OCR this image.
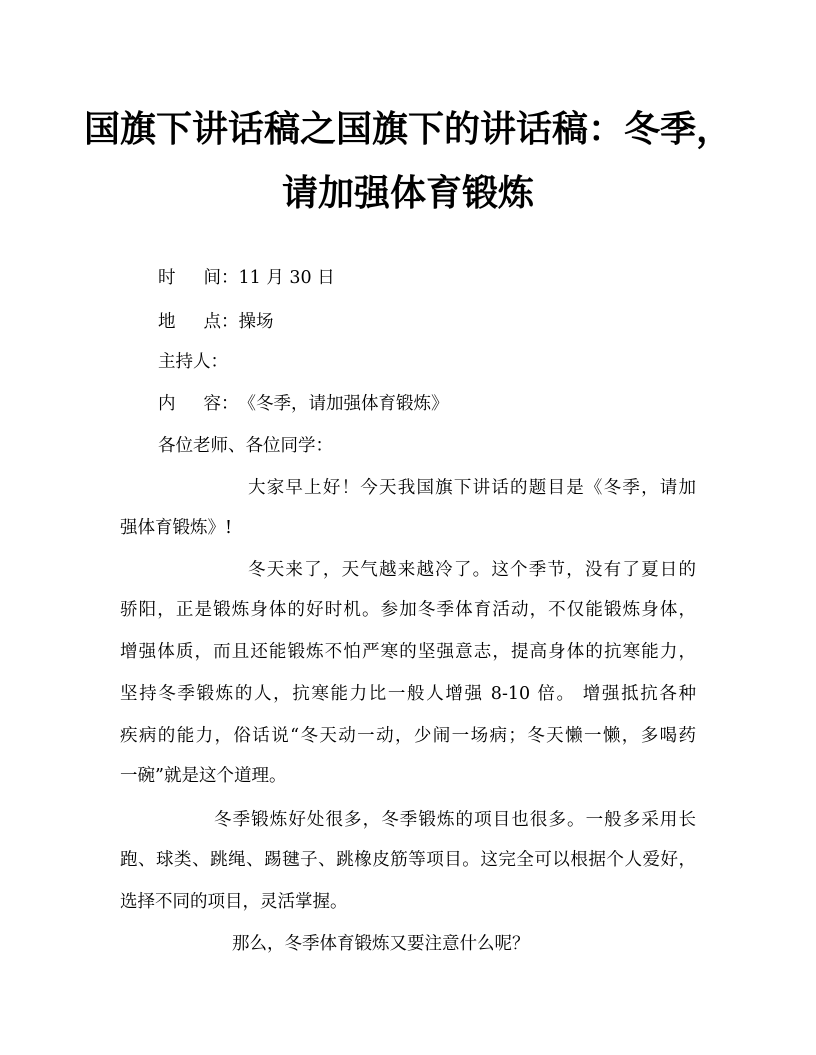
国旗下讲话稿之国旗下的讲话稿：冬季，
请加强体育锻炼
时 间：11 月 30 日
地 点：操场
主持人：
内 容：《冬季，请加强体育锻炼》
各位老师、各位同学：
大家早上好！今天我国旗下讲话的题目是《冬季，请加
强体育锻炼》!
冬天来了，天气越来越冷了。这个季节，没有了夏日的
骄阳，正是锻炼身体的好时机。参加冬季体育活动，不仅能锻炼身体，
增强体质，而且还能锻炼不怕严寒的坚强意志，提高身体的抗寒能力，
坚持冬季锻炼的人，抗寒能力比一般人增强 8-10 倍。 增强抵抗各种
疾病的能力，俗话说“冬天动一动，少闹一场病；冬天懒一懒，多喝药
一碗”就是这个道理。
冬季锻炼好处很多，冬季锻炼的项目也很多。一般多采用长
跑、球类、跳绳、踢毽子、跳橡皮筋等项目。这完全可以根据个人爱好，
选择不同的项目，灵活掌握。
那么，冬季体育锻炼又要注意什么呢？
